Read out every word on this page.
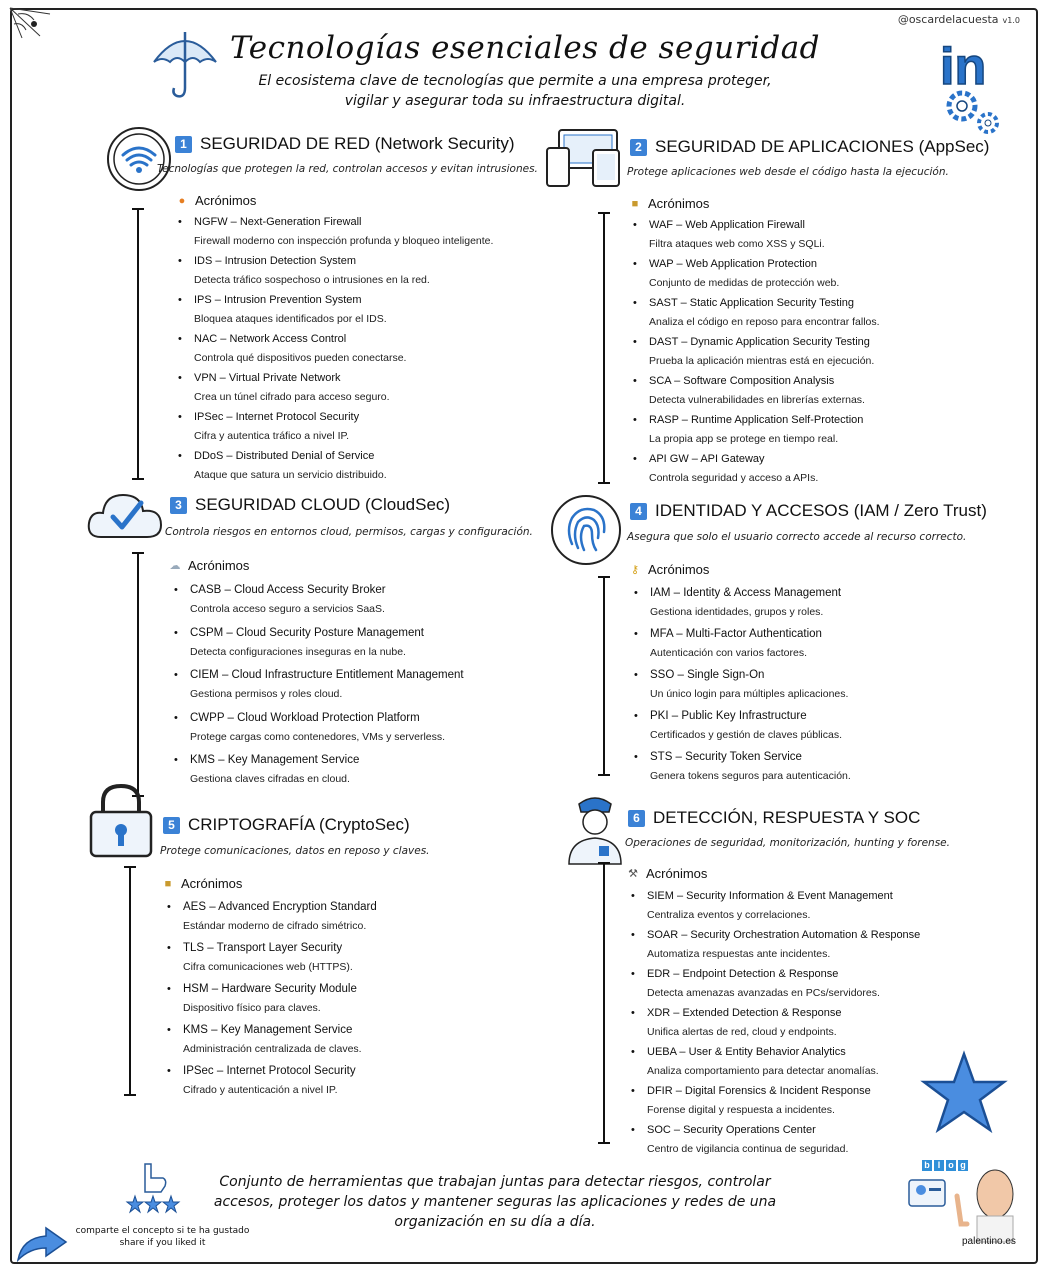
@oscardelacuesta v1.0
Tecnologías esenciales de seguridad
El ecosistema clave de tecnologías que permite a una empresa proteger, vigilar y asegurar toda su infraestructura digital.
in
1 SEGURIDAD DE RED (Network Security)
Tecnologías que protegen la red, controlan accesos y evitan intrusiones.
● Acrónimos
• NGFW – Next-Generation Firewall
Firewall moderno con inspección profunda y bloqueo inteligente.
• IDS – Intrusion Detection System
Detecta tráfico sospechoso o intrusiones en la red.
• IPS – Intrusion Prevention System
Bloquea ataques identificados por el IDS.
• NAC – Network Access Control
Controla qué dispositivos pueden conectarse.
• VPN – Virtual Private Network
Crea un túnel cifrado para acceso seguro.
• IPSec – Internet Protocol Security
Cifra y autentica tráfico a nivel IP.
• DDoS – Distributed Denial of Service
Ataque que satura un servicio distribuido.
2 SEGURIDAD DE APLICACIONES (AppSec)
Protege aplicaciones web desde el código hasta la ejecución.
■ Acrónimos
• WAF – Web Application Firewall
Filtra ataques web como XSS y SQLi.
• WAP – Web Application Protection
Conjunto de medidas de protección web.
• SAST – Static Application Security Testing
Analiza el código en reposo para encontrar fallos.
• DAST – Dynamic Application Security Testing
Prueba la aplicación mientras está en ejecución.
• SCA – Software Composition Analysis
Detecta vulnerabilidades en librerías externas.
• RASP – Runtime Application Self-Protection
La propia app se protege en tiempo real.
• API GW – API Gateway
Controla seguridad y acceso a APIs.
3 SEGURIDAD CLOUD (CloudSec)
Controla riesgos en entornos cloud, permisos, cargas y configuración.
☁ Acrónimos
• CASB – Cloud Access Security Broker
Controla acceso seguro a servicios SaaS.
• CSPM – Cloud Security Posture Management
Detecta configuraciones inseguras en la nube.
• CIEM – Cloud Infrastructure Entitlement Management
Gestiona permisos y roles cloud.
• CWPP – Cloud Workload Protection Platform
Protege cargas como contenedores, VMs y serverless.
• KMS – Key Management Service
Gestiona claves cifradas en cloud.
4 IDENTIDAD Y ACCESOS (IAM / Zero Trust)
Asegura que solo el usuario correcto accede al recurso correcto.
⚷ Acrónimos
• IAM – Identity & Access Management
Gestiona identidades, grupos y roles.
• MFA – Multi-Factor Authentication
Autenticación con varios factores.
• SSO – Single Sign-On
Un único login para múltiples aplicaciones.
• PKI – Public Key Infrastructure
Certificados y gestión de claves públicas.
• STS – Security Token Service
Genera tokens seguros para autenticación.
5 CRIPTOGRAFÍA (CryptoSec)
Protege comunicaciones, datos en reposo y claves.
■ Acrónimos
• AES – Advanced Encryption Standard
Estándar moderno de cifrado simétrico.
• TLS – Transport Layer Security
Cifra comunicaciones web (HTTPS).
• HSM – Hardware Security Module
Dispositivo físico para claves.
• KMS – Key Management Service
Administración centralizada de claves.
• IPSec – Internet Protocol Security
Cifrado y autenticación a nivel IP.
6 DETECCIÓN, RESPUESTA Y SOC
Operaciones de seguridad, monitorización, hunting y forense.
⚒ Acrónimos
• SIEM – Security Information & Event Management
Centraliza eventos y correlaciones.
• SOAR – Security Orchestration Automation & Response
Automatiza respuestas ante incidentes.
• EDR – Endpoint Detection & Response
Detecta amenazas avanzadas en PCs/servidores.
• XDR – Extended Detection & Response
Unifica alertas de red, cloud y endpoints.
• UEBA – User & Entity Behavior Analytics
Analiza comportamiento para detectar anomalías.
• DFIR – Digital Forensics & Incident Response
Forense digital y respuesta a incidentes.
• SOC – Security Operations Center
Centro de vigilancia continua de seguridad.
Conjunto de herramientas que trabajan juntas para detectar riesgos, controlar accesos, proteger los datos y mantener seguras las aplicaciones y redes de una organización en su día a día.
comparte el concepto si te ha gustado
share if you liked it
b l o g
palentino.es
